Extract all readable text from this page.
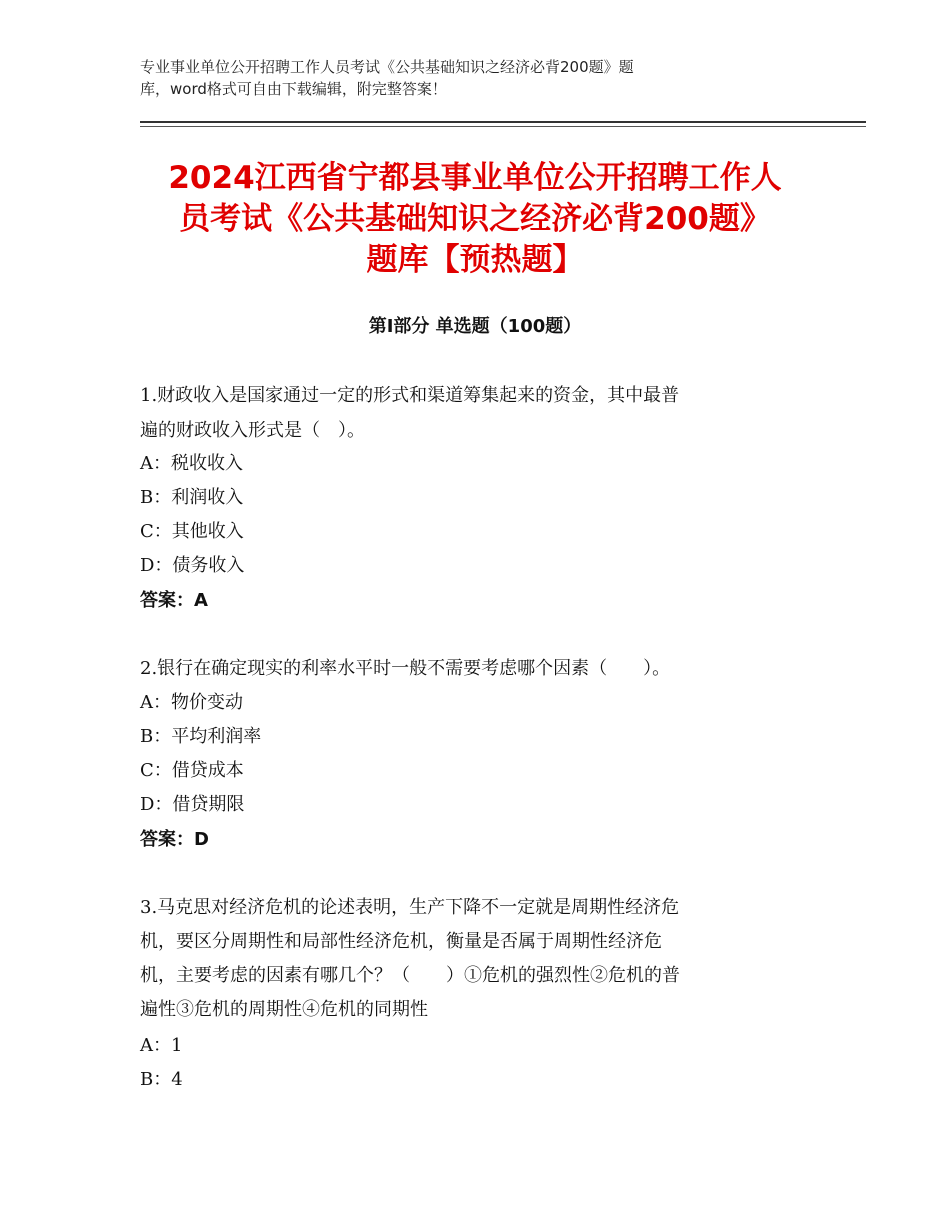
专业事业单位公开招聘工作人员考试《公共基础知识之经济必背200题》题
库，word格式可自由下载编辑，附完整答案！
2024江西省宁都县事业单位公开招聘工作人
员考试《公共基础知识之经济必背200题》
题库【预热题】
第Ⅰ部分 单选题（100题）
1.财政收入是国家通过一定的形式和渠道筹集起来的资金，其中最普
遍的财政收入形式是（　）。
A：税收收入
B：利润收入
C：其他收入
D：债务收入
答案：A
2.银行在确定现实的利率水平时一般不需要考虑哪个因素（　　）。
A：物价变动
B：平均利润率
C：借贷成本
D：借贷期限
答案：D
3.马克思对经济危机的论述表明，生产下降不一定就是周期性经济危
机，要区分周期性和局部性经济危机，衡量是否属于周期性经济危
机，主要考虑的因素有哪几个？（　　）①危机的强烈性②危机的普
遍性③危机的周期性④危机的同期性
A：1
B：4
